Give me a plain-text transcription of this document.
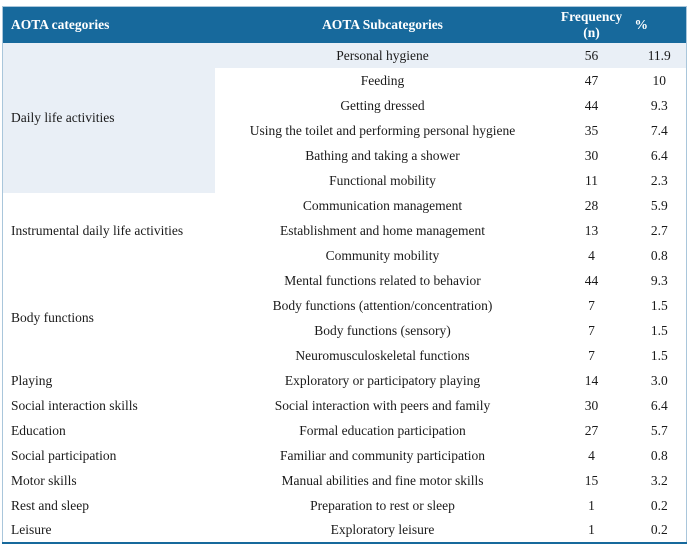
AOTA categories	AOTA Subcategories	Frequency (n)	%
Daily life activities	Personal hygiene	56	11.9
	Feeding	47	10
	Getting dressed	44	9.3
	Using the toilet and performing personal hygiene	35	7.4
	Bathing and taking a shower	30	6.4
	Functional mobility	11	2.3
Instrumental daily life activities	Communication management	28	5.9
	Establishment and home management	13	2.7
	Community mobility	4	0.8
Body functions	Mental functions related to behavior	44	9.3
	Body functions (attention/concentration)	7	1.5
	Body functions (sensory)	7	1.5
	Neuromusculoskeletal functions	7	1.5
Playing	Exploratory or participatory playing	14	3.0
Social interaction skills	Social interaction with peers and family	30	6.4
Education	Formal education participation	27	5.7
Social participation	Familiar and community participation	4	0.8
Motor skills	Manual abilities and fine motor skills	15	3.2
Rest and sleep	Preparation to rest or sleep	1	0.2
Leisure	Exploratory leisure	1	0.2
